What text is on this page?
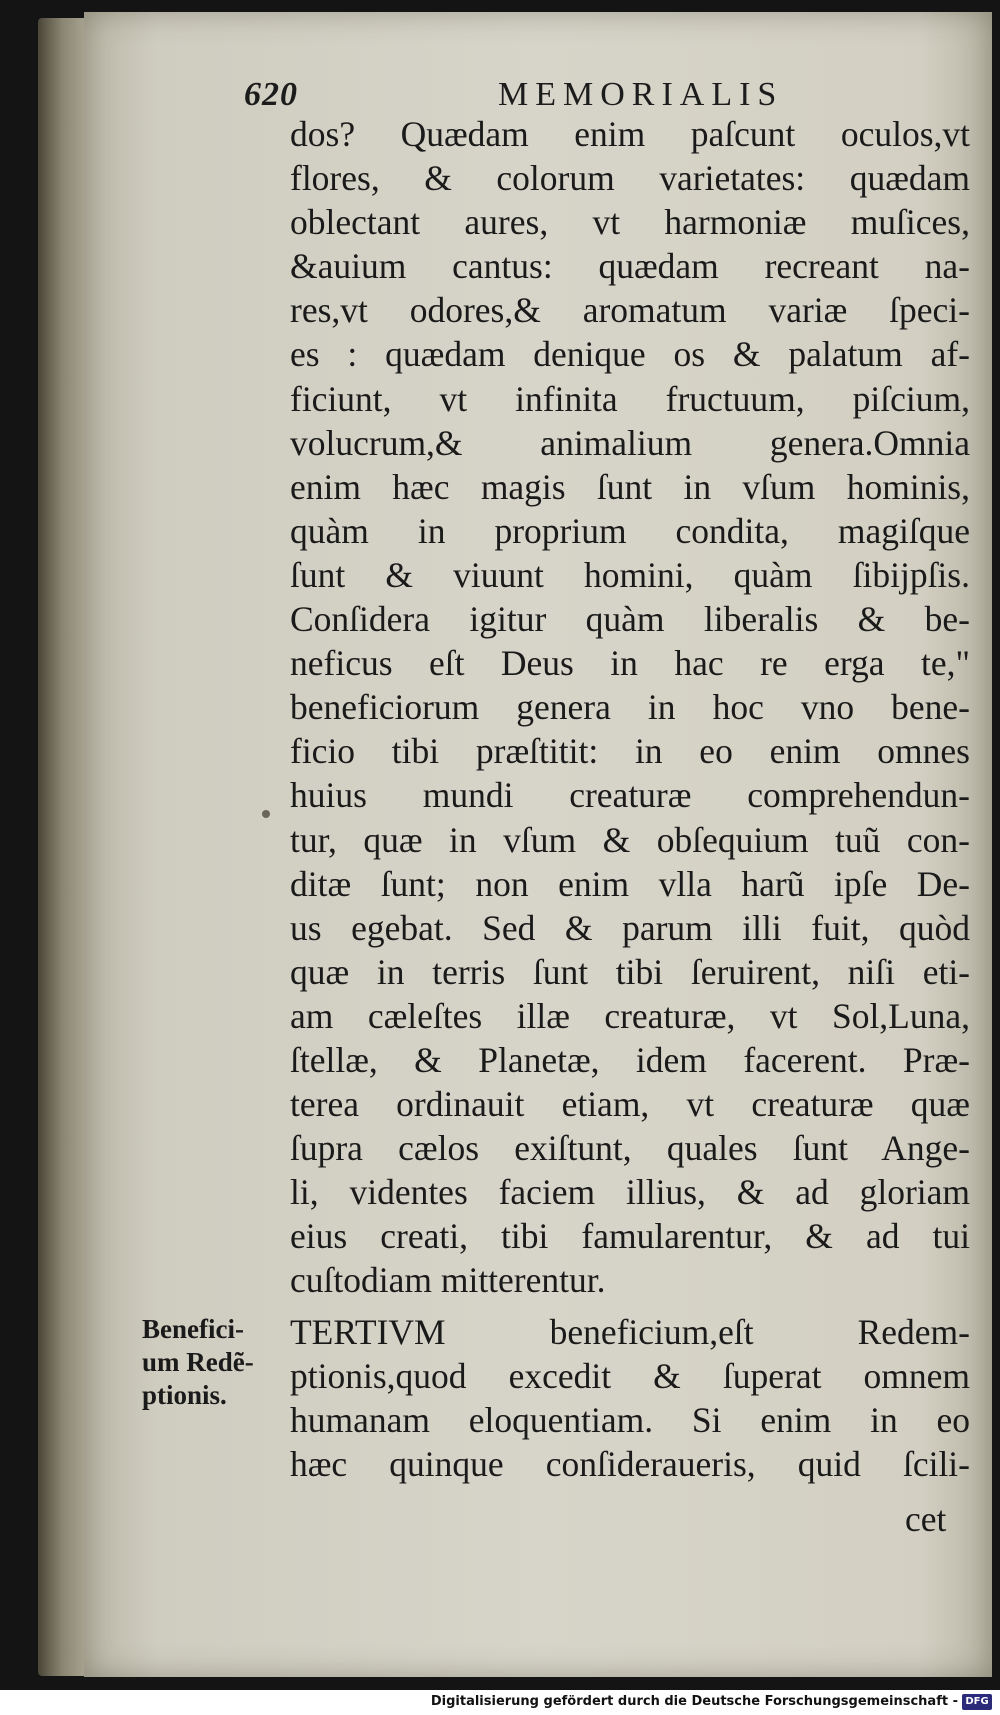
620	MEMORIALIS
dos? Quædam enim paſcunt oculos,vt
flores, & colorum varietates: quædam
oblectant aures, vt harmoniæ muſices,
&auium cantus: quædam recreant na-
res,vt odores,& aromatum variæ ſpeci-
es : quædam denique os & palatum af-
ficiunt, vt infinita fructuum, piſcium,
volucrum,& animalium genera.Omnia
enim hæc magis ſunt in vſum hominis,
quàm in proprium condita, magiſque
ſunt & viuunt homini, quàm ſibijpſis.
Conſidera igitur quàm liberalis & be-
neficus eſt Deus in hac re erga te,"
beneficiorum genera in hoc vno bene-
ficio tibi præſtitit: in eo enim omnes
huius mundi creaturæ comprehendun-
tur, quæ in vſum & obſequium tuũ con-
ditæ ſunt; non enim vlla harũ ipſe De-
us egebat. Sed & parum illi fuit, quòd
quæ in terris ſunt tibi ſeruirent, niſi eti-
am cæleſtes illæ creaturæ, vt Sol,Luna,
ſtellæ, & Planetæ, idem facerent. Præ-
terea ordinauit etiam, vt creaturæ quæ
ſupra cælos exiſtunt, quales ſunt Ange-
li, videntes faciem illius, & ad gloriam
eius creati, tibi famularentur, & ad tui
cuſtodiam mitterentur.
Benefici-
um Redẽ-
ptionis.
TERTIVM beneficium,eſt Redem-
ptionis,quod excedit & ſuperat omnem
humanam eloquentiam. Si enim in eo
hæc quinque conſideraueris, quid ſcili-
cet
Digitalisierung gefördert durch die Deutsche Forschungsgemeinschaft - DFG
